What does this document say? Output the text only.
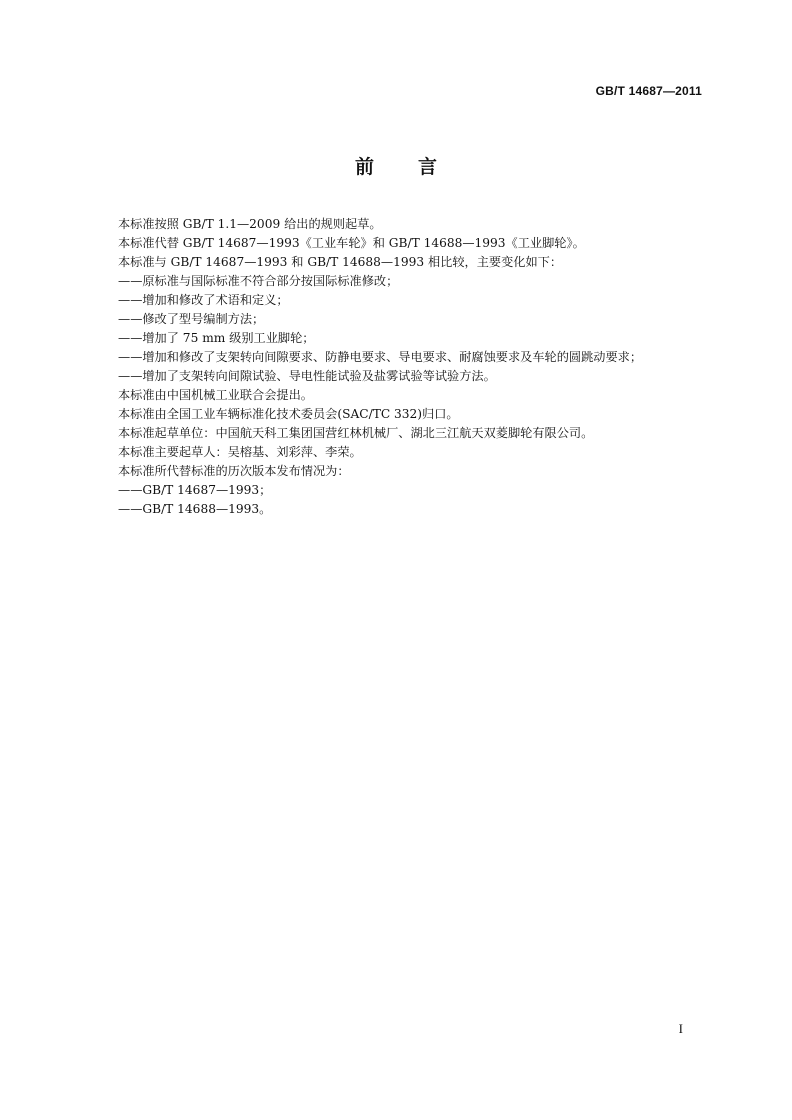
GB/T 14687—2011
前言
本标准按照 GB/T 1.1—2009 给出的规则起草。
本标准代替 GB/T 14687—1993《工业车轮》和 GB/T 14688—1993《工业脚轮》。
本标准与 GB/T 14687—1993 和 GB/T 14688—1993 相比较，主要变化如下：
——原标准与国际标准不符合部分按国际标准修改；
——增加和修改了术语和定义；
——修改了型号编制方法；
——增加了 75 mm 级别工业脚轮；
——增加和修改了支架转向间隙要求、防静电要求、导电要求、耐腐蚀要求及车轮的圆跳动要求；
——增加了支架转向间隙试验、导电性能试验及盐雾试验等试验方法。
本标准由中国机械工业联合会提出。
本标准由全国工业车辆标准化技术委员会(SAC/TC 332)归口。
本标准起草单位：中国航天科工集团国营红林机械厂、湖北三江航天双菱脚轮有限公司。
本标准主要起草人：吴榕基、刘彩萍、李荣。
本标准所代替标准的历次版本发布情况为：
——GB/T 14687—1993；
——GB/T 14688—1993。
I
